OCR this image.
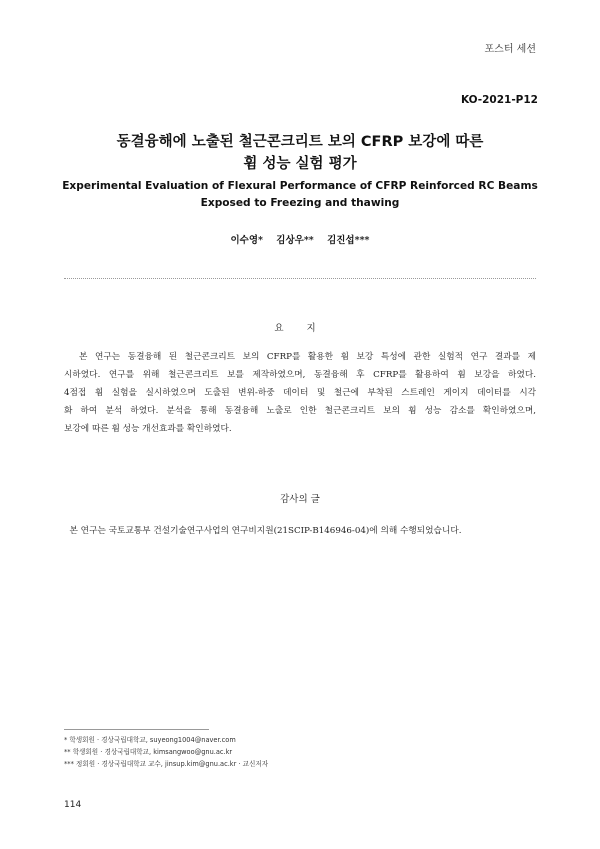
포스터 세션
KO-2021-P12
동결융해에 노출된 철근콘크리트 보의 CFRP 보강에 따른
휨 성능 실험 평가
Experimental Evaluation of Flexural Performance of CFRP Reinforced RC Beams
Exposed to Freezing and thawing
이수영* 김상우** 김진섭***
요 지
본 연구는 동결융해 된 철근콘크리트 보의 CFRP를 활용한 휨 보강 특성에 관한 실험적 연구 결과를 제
시하였다. 연구를 위해 철근콘크리트 보를 제작하였으며, 동결융해 후 CFRP를 활용하여 휨 보강을 하였다.
4점접 휨 실험을 실시하였으며 도출된 변위-하중 데이터 및 철근에 부착된 스트레인 게이지 데이터를 시각
화 하여 분석 하였다. 분석을 통해 동결융해 노출로 인한 철근콘크리트 보의 휨 성능 감소를 확인하였으며,
보강에 따른 휨 성능 개선효과를 확인하였다.
감사의 글
본 연구는 국토교통부 건설기술연구사업의 연구비지원(21SCIP-B146946-04)에 의해 수행되었습니다.
* 학생회원 · 경상국립대학교, suyeong1004@naver.com
** 학생회원 · 경상국립대학교, kimsangwoo@gnu.ac.kr
*** 정회원 · 경상국립대학교 교수, jinsup.kim@gnu.ac.kr · 교신저자
114
